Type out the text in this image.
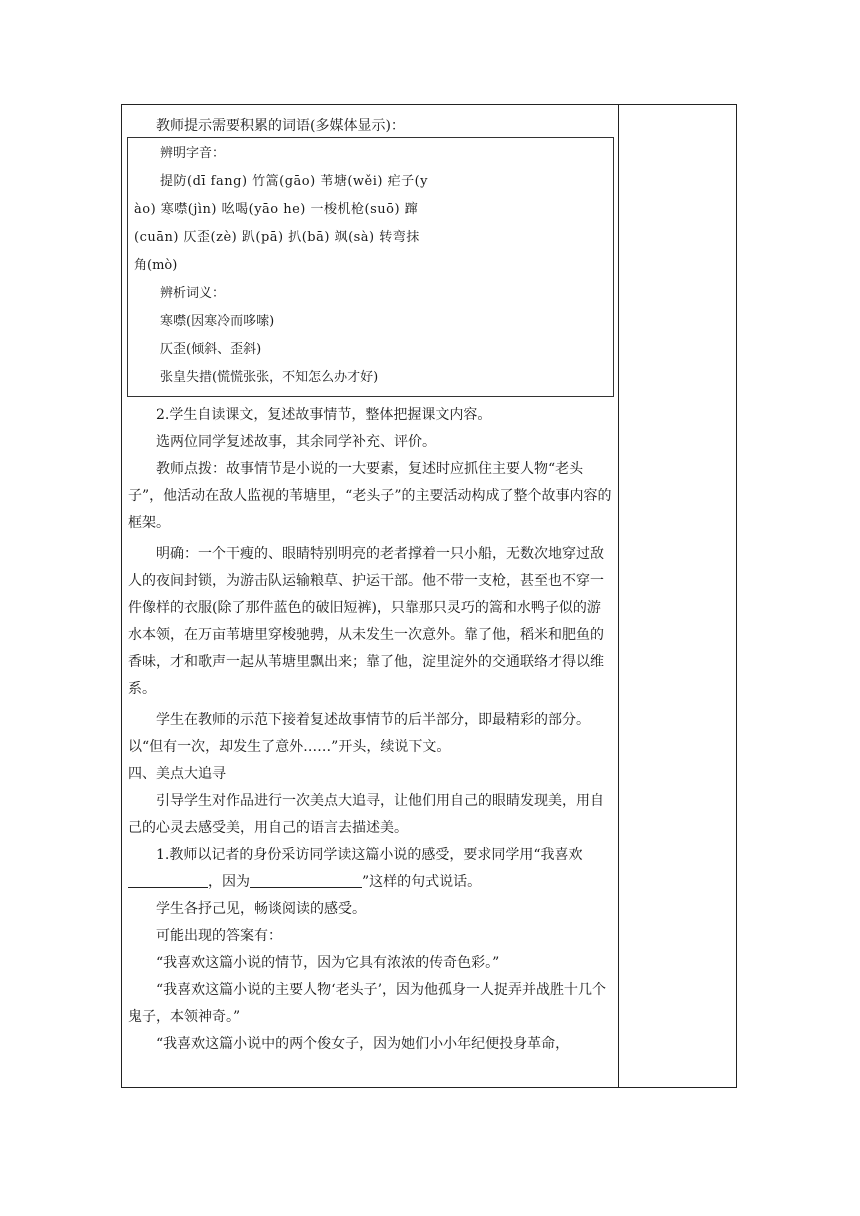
教师提示需要积累的词语(多媒体显示)：

辨明字音：

提防(dī fang) 竹篙(gāo) 苇塘(wěi) 疟子(y

ào) 寒噤(jìn) 吆喝(yāo he) 一梭机枪(suō) 蹿

(cuān) 仄歪(zè) 趴(pā) 扒(bā) 飒(sà) 转弯抹

角(mò)

辨析词义：

寒噤(因寒冷而哆嗦)

仄歪(倾斜、歪斜)

张皇失措(慌慌张张，不知怎么办才好)

2.学生自读课文，复述故事情节，整体把握课文内容。

选两位同学复述故事，其余同学补充、评价。

教师点拨：故事情节是小说的一大要素，复述时应抓住主要人物“老头子”，他活动在敌人监视的苇塘里，“老头子”的主要活动构成了整个故事内容的框架。

明确：一个干瘦的、眼睛特别明亮的老者撑着一只小船，无数次地穿过敌人的夜间封锁，为游击队运输粮草、护运干部。他不带一支枪，甚至也不穿一件像样的衣服(除了那件蓝色的破旧短裤)，只靠那只灵巧的篙和水鸭子似的游水本领，在万亩苇塘里穿梭驰骋，从未发生一次意外。靠了他，稻米和肥鱼的香味，才和歌声一起从苇塘里飘出来；靠了他，淀里淀外的交通联络才得以维系。

学生在教师的示范下接着复述故事情节的后半部分，即最精彩的部分。以“但有一次，却发生了意外……”开头，续说下文。

四、美点大追寻

引导学生对作品进行一次美点大追寻，让他们用自己的眼睛发现美，用自己的心灵去感受美，用自己的语言去描述美。

1.教师以记者的身份采访同学读这篇小说的感受，要求同学用“我喜欢，因为	”这样的句式说话。

学生各抒己见，畅谈阅读的感受。

可能出现的答案有：

“我喜欢这篇小说的情节，因为它具有浓浓的传奇色彩。”

“我喜欢这篇小说的主要人物‘老头子’，因为他孤身一人捉弄并战胜十几个鬼子，本领神奇。”

“我喜欢这篇小说中的两个俊女子，因为她们小小年纪便投身革命，
